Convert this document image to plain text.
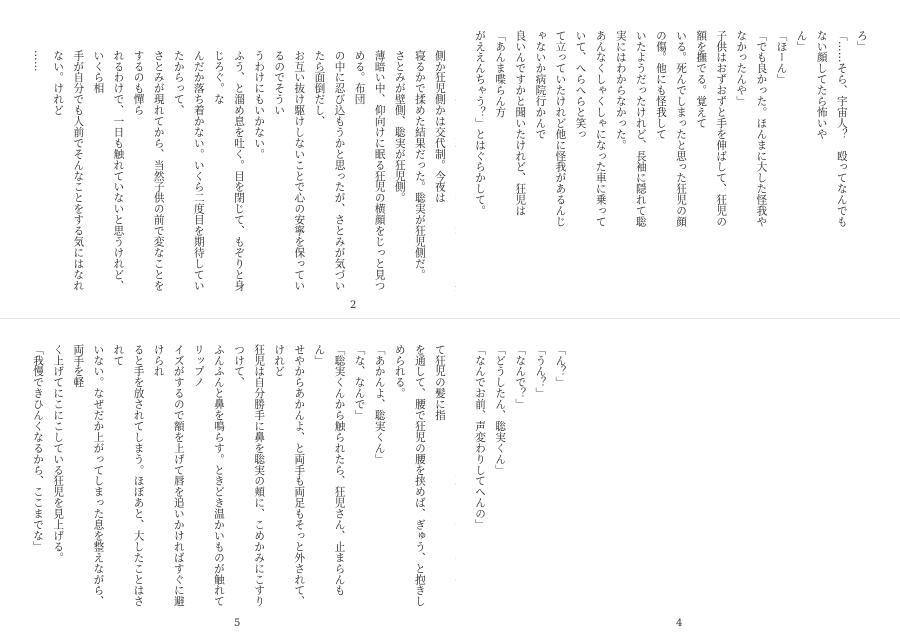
ろ」
「……そら、宇宙人？　殴ってなんでもない顔してたら怖いや
ん」
「ほーん」
「でも良かった。ほんまに大した怪我やなかったんや」
子供はおずおずと手を伸ばして、狂児の額を撫でる。覚えて
いる。死んでしまったと思った狂児の顔の傷。他にも怪我して
いたようだったけれど、長袖に隠れて聡実にはわからなかった。
あんなくしゃくしゃになった車に乗っていて、へらへらと笑っ
て立っていたけれど他に怪我があるんじゃないか病院行かんで
良いんですかと聞いたけれど、狂児は「あんま喋らん方
がええんちゃう？」とはぐらかして。

側か狂児側かは交代制。今夜は
寝るかで揉めた結果だった。聡実が狂児側だ。
さとみが壁側、聡実が狂児側。
薄暗い中、仰向けに眠る狂児の横顔をじっと見つめる。布団
の中に忍び込もうかと思ったが、さとみが気づいたら面倒だし、
お互い抜け駆けしないことで心の安寧を保っているのでそうい
うわけにもいかない。
ふう、と溜め息を吐く。目を閉じて、もぞりと身じろぐ。な
んだか落ち着かない。いくら二度目を期待していたからって、
さとみが現れてから、当然子供の前で変なことをするのも憚ら
れるわけで、一日も触れていないと思うけれど、いくら相
手が自分でも人前でそんなことをする気にはなれない。けれど
……
2
「ん？」
「うん？」
「なんで？」
「どうしたん、聡実くん」
「なんでお前、声変わりしてへんの」
4

て狂児の髪に指
を通して、腰で狂児の腰を挟めば、ぎゅう、と抱きしめられる。
「あかんよ、聡実くん」
「な、なんで」
「聡実くんから触られたら、狂児さん、止まらんもん」
せやからあかんよ、と両手も両足もそっと外されて、けれど
狂児は自分勝手に鼻を聡実の頬に、こめかみにこすりつけて、
ふんふんと鼻を鳴らす。ときどき温かいものが触れてリップノ
イズがするので額を上げて唇を追いかければすぐに避けられ
ると手を放されてしまう。ほぼあと、大したことはされて
いない。なぜだか上がってしまった息を整えながら、両手を軽
く上げてにこにこしている狂児を見上げる。
「我慢できひんくなるから、ここまでな」
5
